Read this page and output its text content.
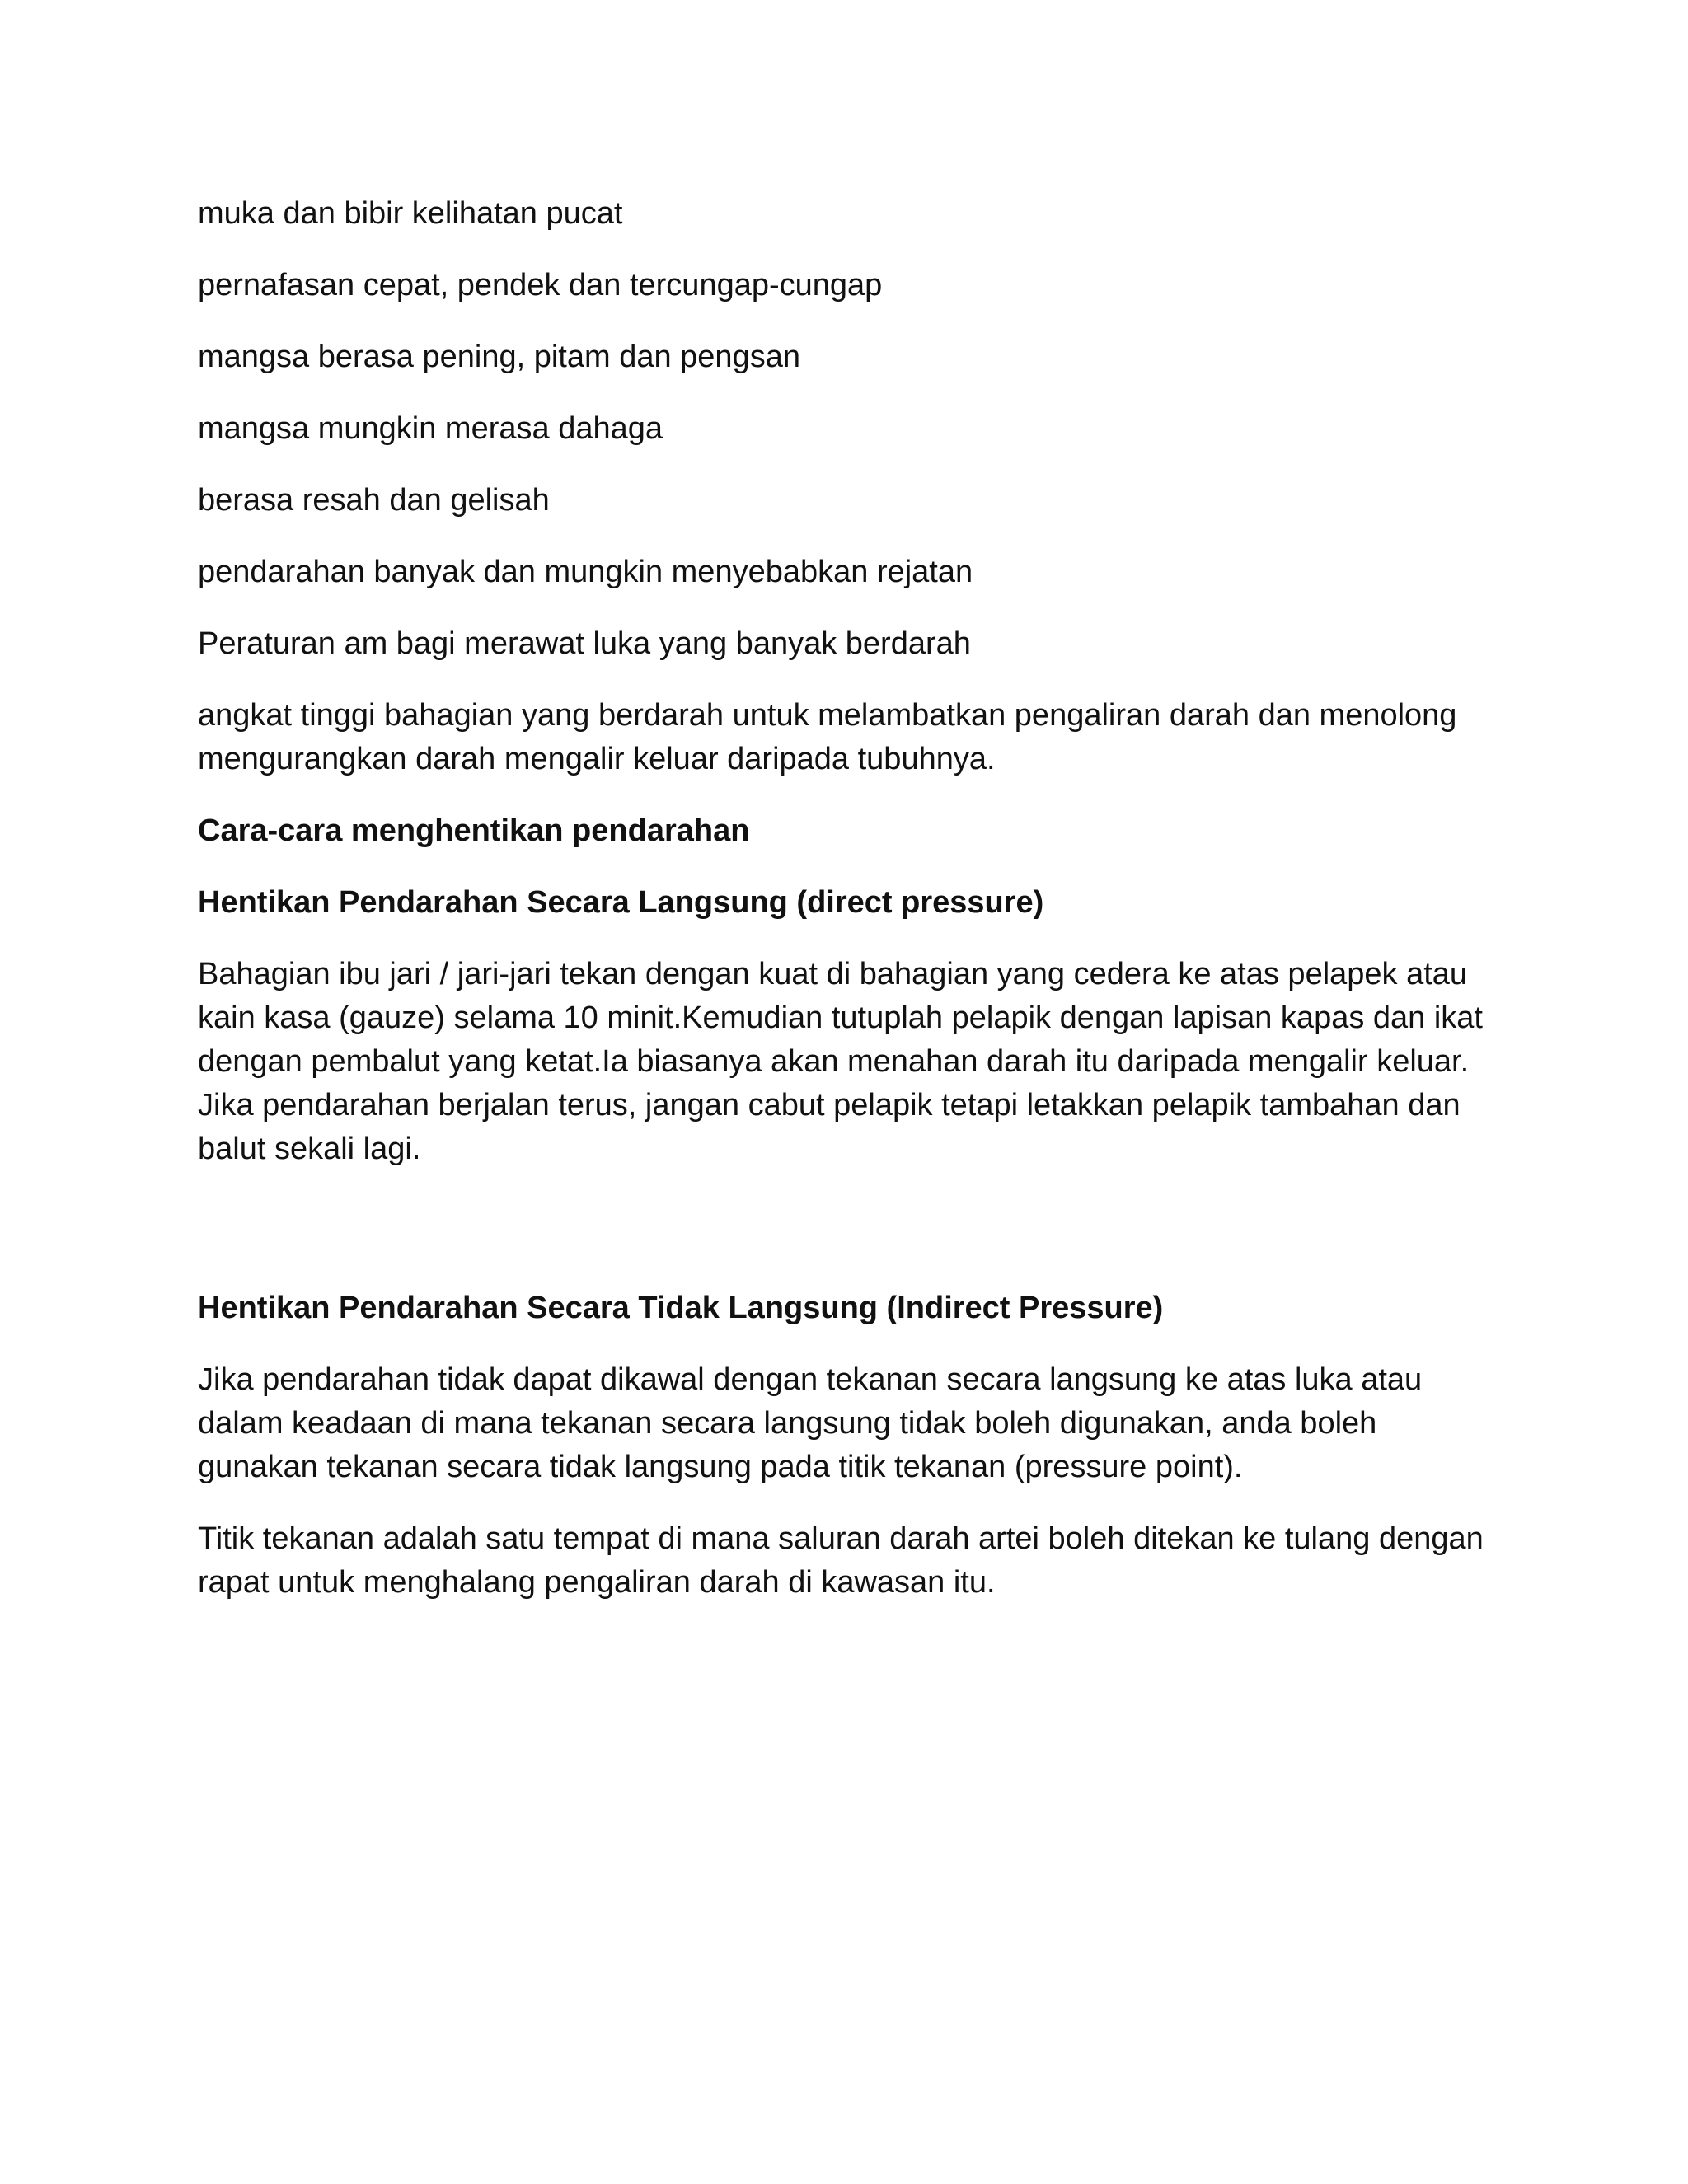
muka dan bibir kelihatan pucat

pernafasan cepat, pendek dan tercungap-cungap

mangsa berasa pening, pitam dan pengsan

mangsa mungkin merasa dahaga

berasa resah dan gelisah

pendarahan banyak dan mungkin menyebabkan rejatan

Peraturan am bagi merawat luka yang banyak berdarah

angkat tinggi bahagian yang berdarah untuk melambatkan pengaliran darah dan menolong mengurangkan darah mengalir keluar daripada tubuhnya.

Cara-cara menghentikan pendarahan

Hentikan Pendarahan Secara Langsung (direct pressure)

Bahagian ibu jari / jari-jari tekan dengan kuat di bahagian yang cedera ke atas pelapek atau kain kasa (gauze) selama 10 minit.Kemudian tutuplah pelapik dengan lapisan kapas dan ikat dengan pembalut yang ketat.Ia biasanya akan menahan darah itu daripada mengalir keluar. Jika pendarahan berjalan terus, jangan cabut pelapik tetapi letakkan pelapik tambahan dan balut sekali lagi.

Hentikan Pendarahan Secara Tidak Langsung (Indirect Pressure)

Jika pendarahan tidak dapat dikawal dengan tekanan secara langsung ke atas luka atau dalam keadaan di mana tekanan secara langsung tidak boleh digunakan, anda boleh gunakan tekanan secara tidak langsung pada titik tekanan (pressure point).

Titik tekanan adalah satu tempat di mana saluran darah artei boleh ditekan ke tulang dengan rapat untuk menghalang pengaliran darah di kawasan itu.
